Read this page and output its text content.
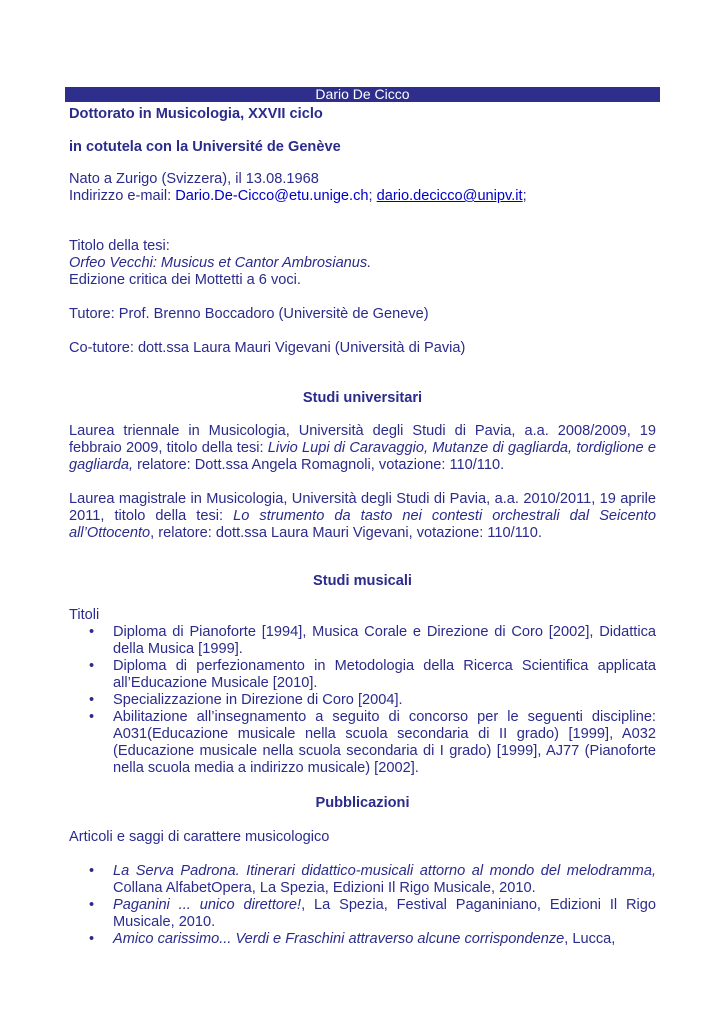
Dario De Cicco

Dottorato in Musicologia, XXVII ciclo

in cotutela con la Université de Genève

Nato a Zurigo (Svizzera), il 13.08.1968

Indirizzo e-mail: Dario.De-Cicco@etu.unige.ch; dario.decicco@unipv.it;

Titolo della tesi:

Orfeo Vecchi: Musicus et Cantor Ambrosianus.

Edizione critica dei Mottetti a 6 voci.

Tutore: Prof. Brenno Boccadoro (Universitè de Geneve)

Co-tutore: dott.ssa Laura Mauri Vigevani (Università di Pavia)

Studi universitari

Laurea triennale in Musicologia, Università degli Studi di Pavia, a.a. 2008/2009, 19 febbraio 2009, titolo della tesi: Livio Lupi di Caravaggio, Mutanze di gagliarda, tordiglione e gagliarda, relatore: Dott.ssa Angela Romagnoli, votazione: 110/110.

Laurea magistrale in Musicologia, Università degli Studi di Pavia, a.a. 2010/2011, 19 aprile 2011, titolo della tesi: Lo strumento da tasto nei contesti orchestrali dal Seicento all’Ottocento, relatore: dott.ssa Laura Mauri Vigevani, votazione: 110/110.

Studi musicali

Titoli

• Diploma di Pianoforte [1994], Musica Corale e Direzione di Coro [2002], Didattica della Musica [1999].
• Diploma di perfezionamento in Metodologia della Ricerca Scientifica applicata all’Educazione Musicale [2010].
• Specializzazione in Direzione di Coro [2004].
• Abilitazione all’insegnamento a seguito di concorso per le seguenti discipline: A031(Educazione musicale nella scuola secondaria di II grado) [1999], A032 (Educazione musicale nella scuola secondaria di I grado) [1999], AJ77 (Pianoforte nella scuola media a indirizzo musicale) [2002].

Pubblicazioni

Articoli e saggi di carattere musicologico

• La Serva Padrona. Itinerari didattico-musicali attorno al mondo del melodramma, Collana AlfabetOpera, La Spezia, Edizioni Il Rigo Musicale, 2010.
• Paganini ... unico direttore!, La Spezia, Festival Paganiniano, Edizioni Il Rigo Musicale, 2010.
• Amico carissimo... Verdi e Fraschini attraverso alcune corrispondenze, Lucca,
